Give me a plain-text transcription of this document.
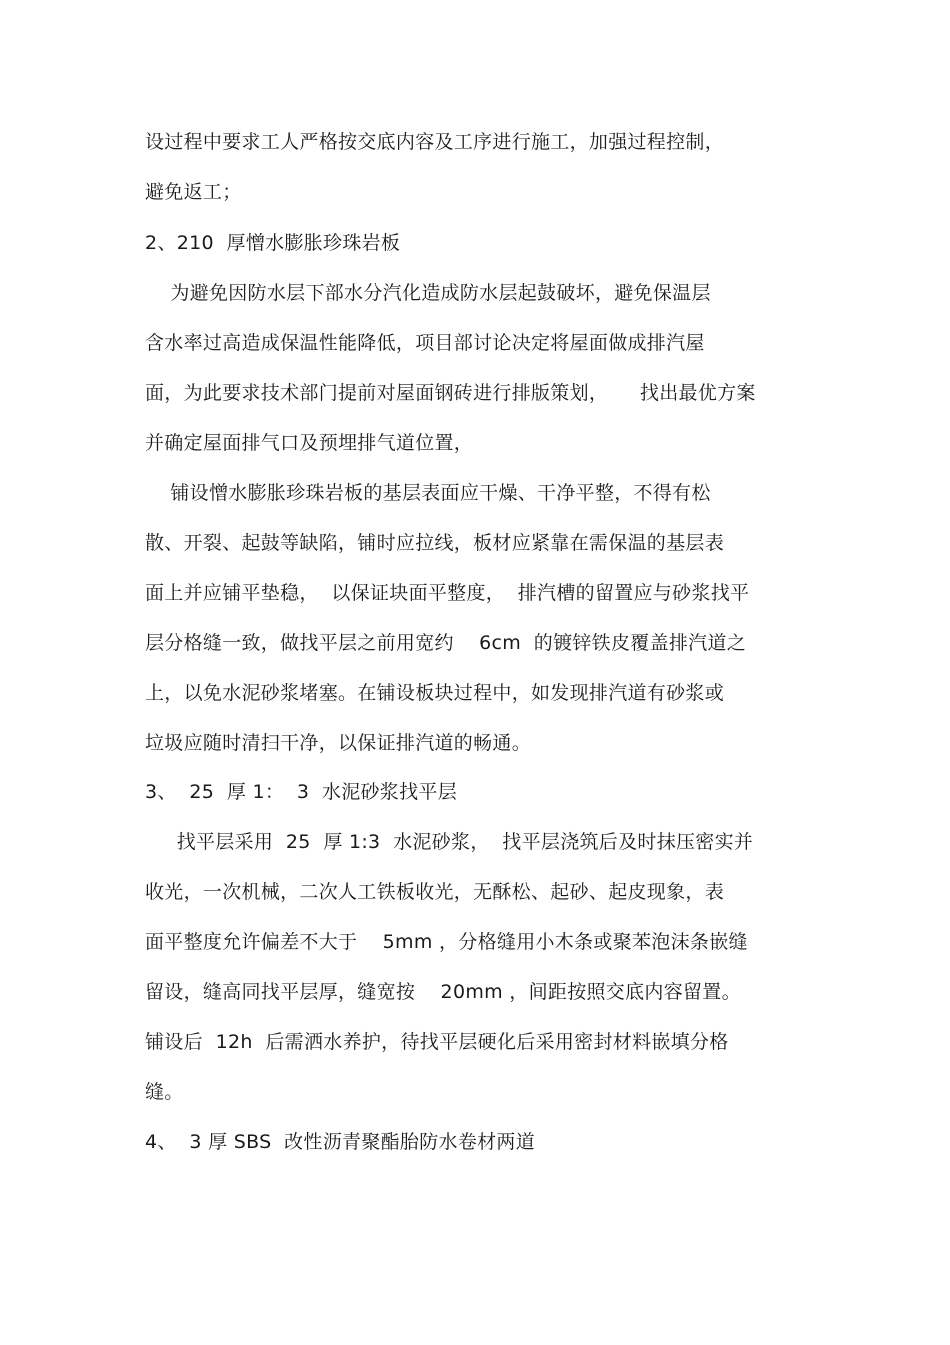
设过程中要求工人严格按交底内容及工序进行施工，加强过程控制，
避免返工；
2、210  厚憎水膨胀珍珠岩板
为避免因防水层下部水分汽化造成防水层起鼓破坏，避免保温层
含水率过高造成保温性能降低，项目部讨论决定将屋面做成排汽屋
面，为此要求技术部门提前对屋面钢砖进行排版策划，     找出最优方案
并确定屋面排气口及预埋排气道位置，
铺设憎水膨胀珍珠岩板的基层表面应干燥、干净平整，不得有松
散、开裂、起鼓等缺陷，铺时应拉线，板材应紧靠在需保温的基层表
面上并应铺平垫稳，  以保证块面平整度，  排汽槽的留置应与砂浆找平
层分格缝一致，做找平层之前用宽约    6cm  的镀锌铁皮覆盖排汽道之
上，以免水泥砂浆堵塞。在铺设板块过程中，如发现排汽道有砂浆或
垃圾应随时清扫干净，以保证排汽道的畅通。
3、  25  厚 1：  3  水泥砂浆找平层
找平层采用  25  厚 1:3  水泥砂浆，  找平层浇筑后及时抹压密实并
收光，一次机械，二次人工铁板收光，无酥松、起砂、起皮现象，表
面平整度允许偏差不大于    5mm ，分格缝用小木条或聚苯泡沫条嵌缝
留设，缝高同找平层厚，缝宽按    20mm ，间距按照交底内容留置。
铺设后  12h  后需洒水养护，待找平层硬化后采用密封材料嵌填分格
缝。
4、  3 厚 SBS  改性沥青聚酯胎防水卷材两道
